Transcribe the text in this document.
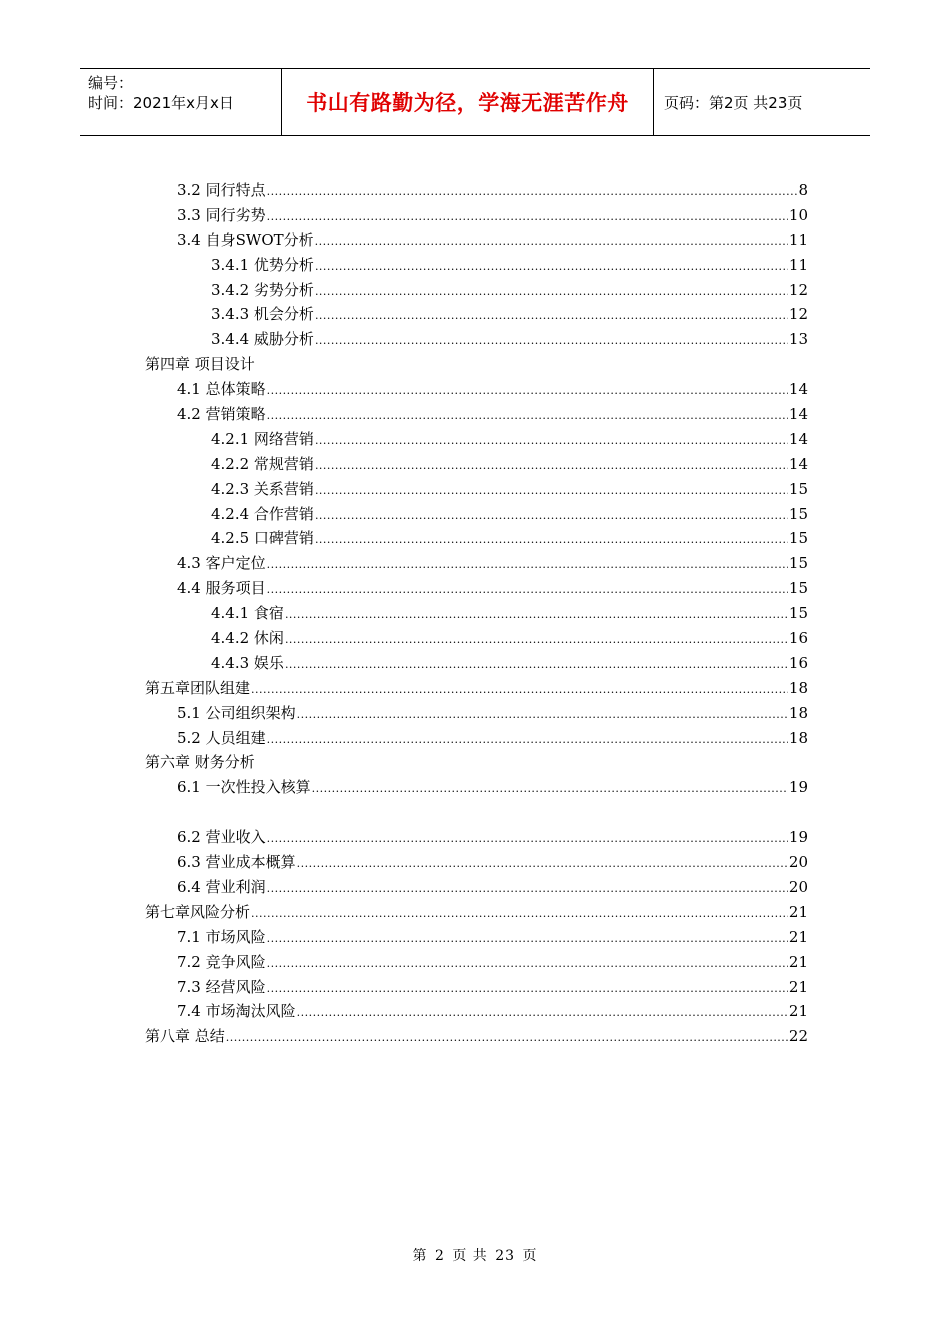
编号：
时间：2021年x月x日	书山有路勤为径，学海无涯苦作舟	页码：第2页 共23页
3.2 同行特点 .....	8
3.3 同行劣势 .....	10
3.4 自身SWOT分析 .....	11
3.4.1 优势分析 .....	11
3.4.2 劣势分析 .....	12
3.4.3 机会分析 .....	12
3.4.4 威胁分析 .....	13
第四章 项目设计
4.1 总体策略 .....	14
4.2 营销策略 .....	14
4.2.1 网络营销 .....	14
4.2.2 常规营销 .....	14
4.2.3 关系营销 .....	15
4.2.4 合作营销 .....	15
4.2.5 口碑营销 .....	15
4.3 客户定位 .....	15
4.4 服务项目 .....	15
4.4.1 食宿 .....	15
4.4.2 休闲 .....	16
4.4.3 娱乐 .....	16
第五章团队组建 .....	18
5.1 公司组织架构 .....	18
5.2 人员组建 .....	18
第六章 财务分析
6.1 一次性投入核算 .....	19
6.2 营业收入 .....	19
6.3 营业成本概算 .....	20
6.4 营业利润 .....	20
第七章风险分析 .....	21
7.1 市场风险 .....	21
7.2 竞争风险 .....	21
7.3 经营风险 .....	21
7.4 市场淘汰风险 .....	21
第八章 总结 .....	22
第 2 页 共 23 页
